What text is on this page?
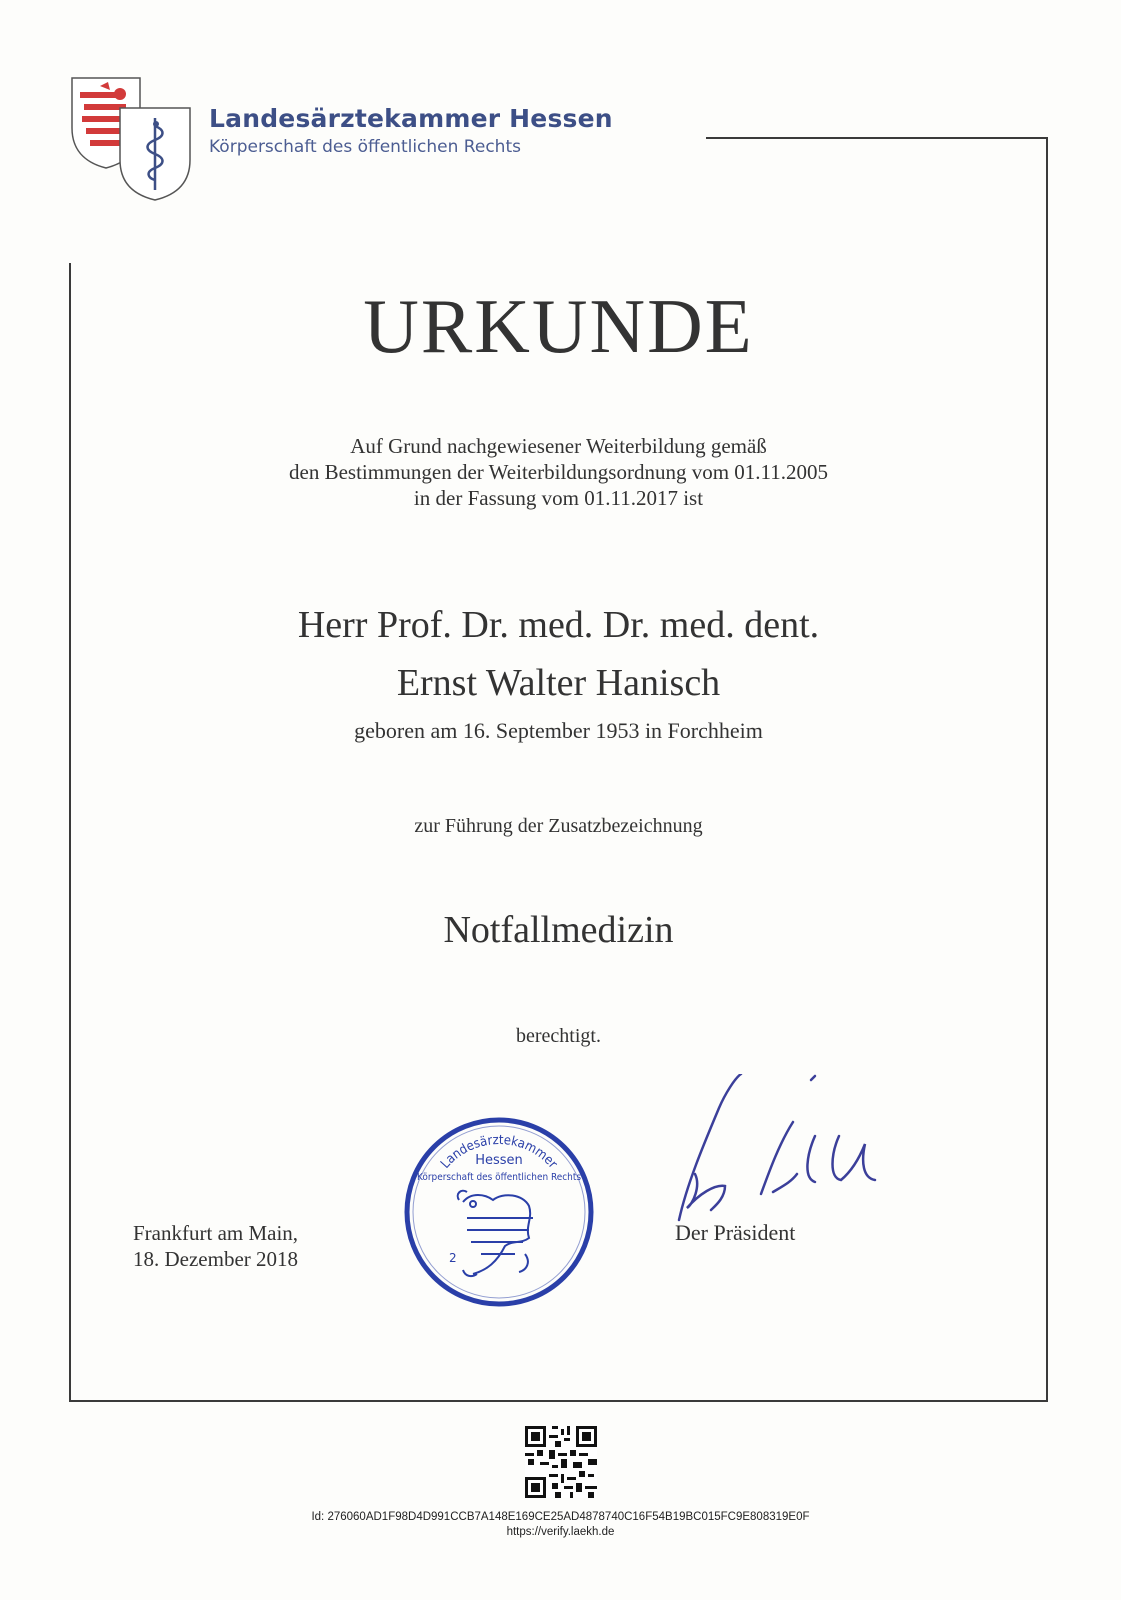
Landesärztekammer Hessen
Körperschaft des öffentlichen Rechts
URKUNDE
Auf Grund nachgewiesener Weiterbildung gemäß
den Bestimmungen der Weiterbildungsordnung vom 01.11.2005
in der Fassung vom 01.11.2017 ist
Herr Prof. Dr. med. Dr. med. dent.
Ernst Walter Hanisch
geboren am 16. September 1953 in Forchheim
zur Führung der Zusatzbezeichnung
Notfallmedizin
berechtigt.
Frankfurt am Main,
18. Dezember 2018
Landesärztekammer
Hessen
Körperschaft des öffentlichen Rechts
2
Der Präsident
Id: 276060AD1F98D4D991CCB7A148E169CE25AD4878740C16F54B19BC015FC9E808319E0F
https://verify.laekh.de
